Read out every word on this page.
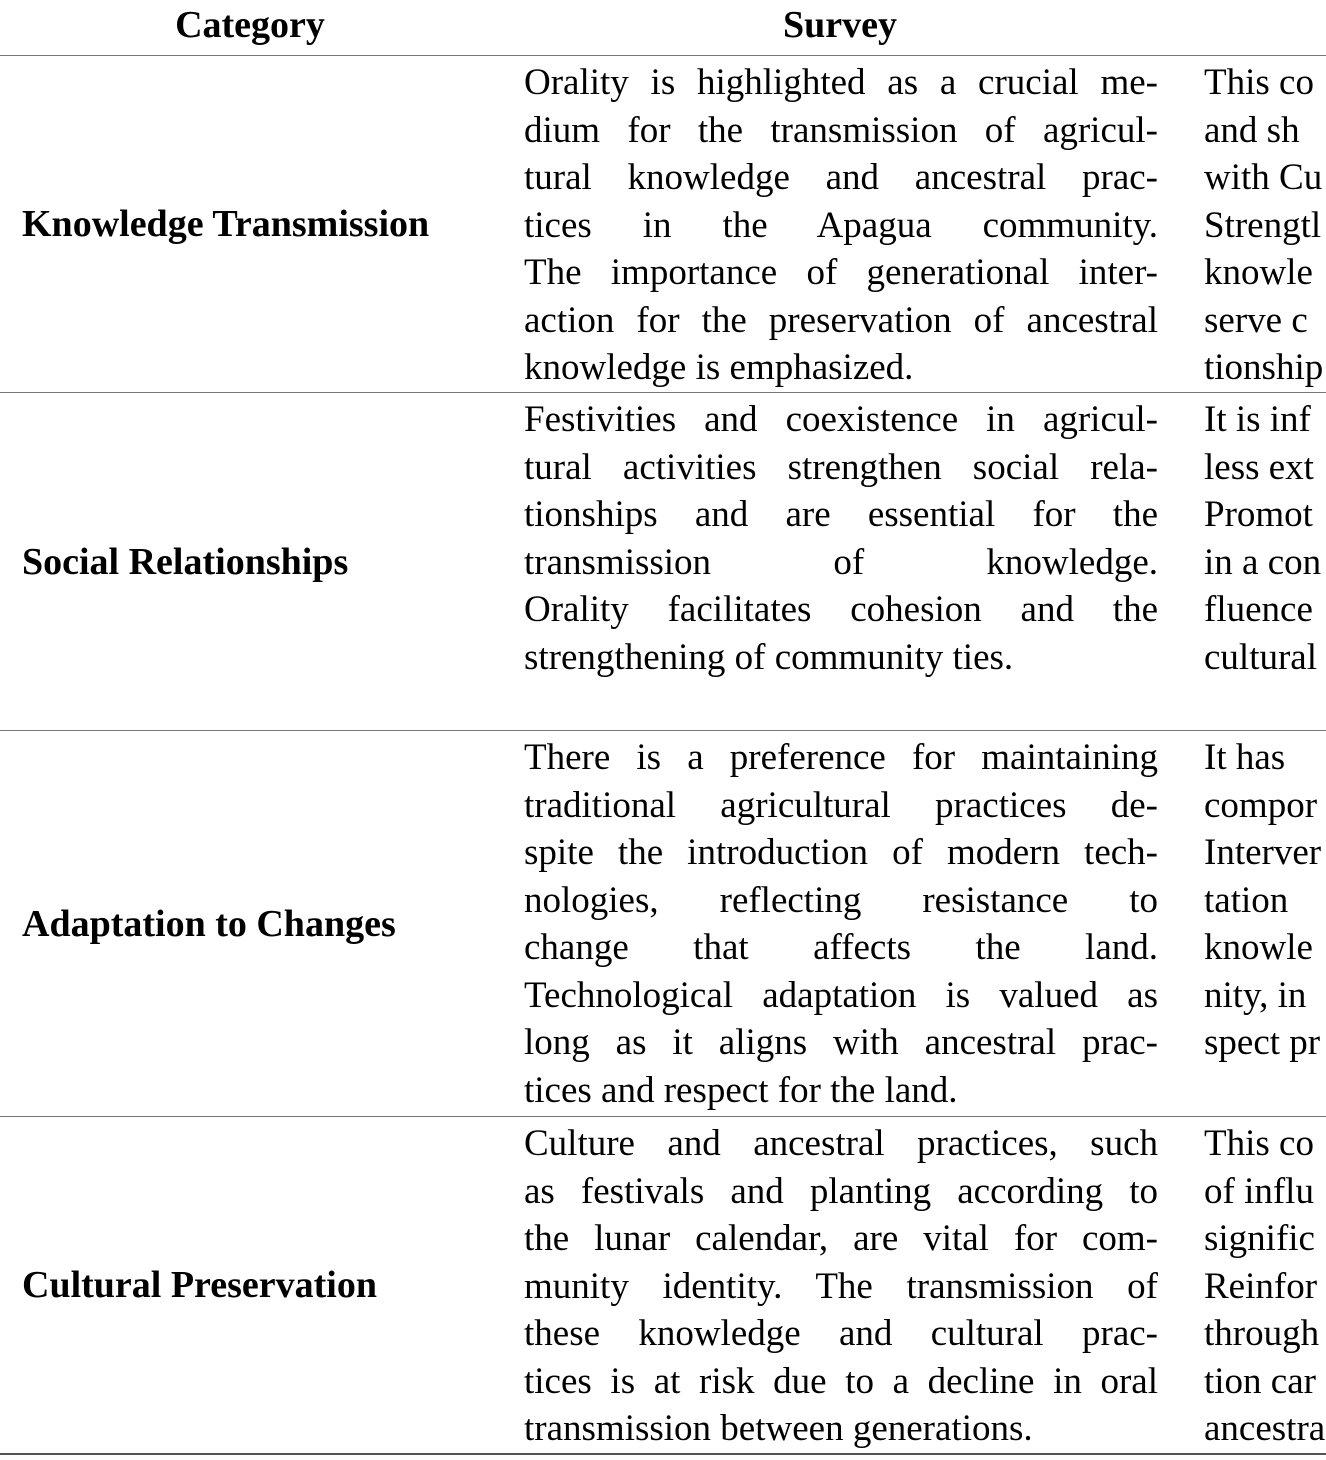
Category	Survey
Knowledge Transmission
Orality is highlighted as a crucial me-
dium for the transmission of agricul-
tural knowledge and ancestral prac-
tices in the Apagua community.
The importance of generational inter-
action for the preservation of ancestral
knowledge is emphasized.
This co
and sh
with Cu
Strengtl
knowle
serve c
tionship
Social Relationships
Festivities and coexistence in agricul-
tural activities strengthen social rela-
tionships and are essential for the
transmission of knowledge.
Orality facilitates cohesion and the
strengthening of community ties.
It is inf
less ext
Promot
in a con
fluence
cultural
Adaptation to Changes
There is a preference for maintaining
traditional agricultural practices de-
spite the introduction of modern tech-
nologies, reflecting resistance to
change that affects the land.
Technological adaptation is valued as
long as it aligns with ancestral prac-
tices and respect for the land.
It has
compor
Interver
tation
knowle
nity, in
spect pr
Cultural Preservation
Culture and ancestral practices, such
as festivals and planting according to
the lunar calendar, are vital for com-
munity identity. The transmission of
these knowledge and cultural prac-
tices is at risk due to a decline in oral
transmission between generations.
This co
of influ
signific
Reinfor
through
tion car
ancestra
